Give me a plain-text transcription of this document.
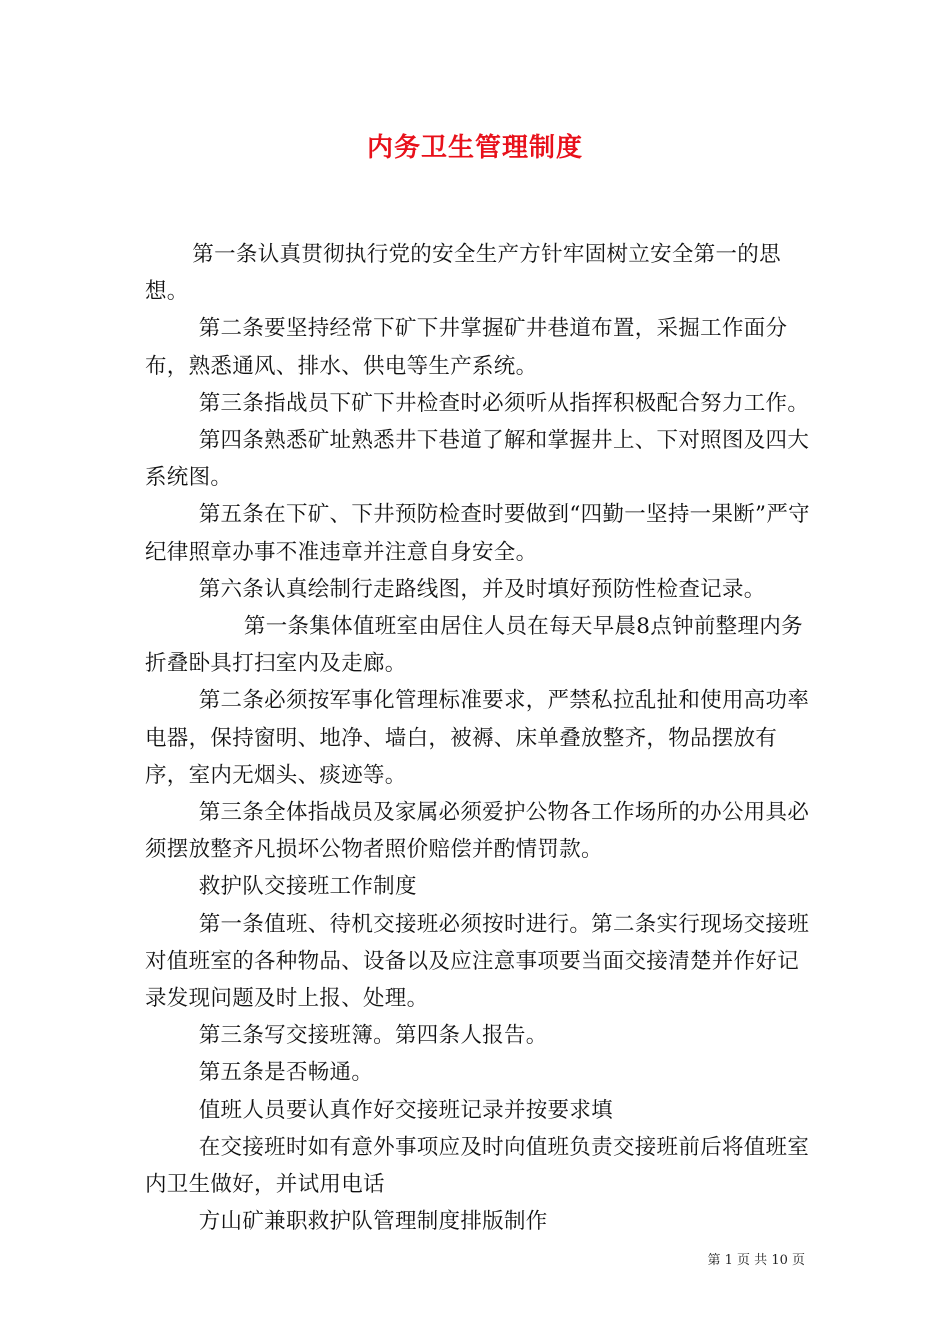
内务卫生管理制度

第一条认真贯彻执行党的安全生产方针牢固树立安全第一的思想。

第二条要坚持经常下矿下井掌握矿井巷道布置，采掘工作面分布，熟悉通风、排水、供电等生产系统。

第三条指战员下矿下井检查时必须听从指挥积极配合努力工作。

第四条熟悉矿址熟悉井下巷道了解和掌握井上、下对照图及四大系统图。

第五条在下矿、下井预防检查时要做到“四勤一坚持一果断”严守纪律照章办事不准违章并注意自身安全。

第六条认真绘制行走路线图，并及时填好预防性检查记录。

第一条集体值班室由居住人员在每天早晨8点钟前整理内务折叠卧具打扫室内及走廊。

第二条必须按军事化管理标准要求，严禁私拉乱扯和使用高功率电器，保持窗明、地净、墙白，被褥、床单叠放整齐，物品摆放有序，室内无烟头、痰迹等。

第三条全体指战员及家属必须爱护公物各工作场所的办公用具必须摆放整齐凡损坏公物者照价赔偿并酌情罚款。

救护队交接班工作制度

第一条值班、待机交接班必须按时进行。第二条实行现场交接班对值班室的各种物品、设备以及应注意事项要当面交接清楚并作好记录发现问题及时上报、处理。

第三条写交接班簿。第四条人报告。

第五条是否畅通。

值班人员要认真作好交接班记录并按要求填

在交接班时如有意外事项应及时向值班负责交接班前后将值班室内卫生做好，并试用电话

方山矿兼职救护队管理制度排版制作

第 1 页 共 10 页
